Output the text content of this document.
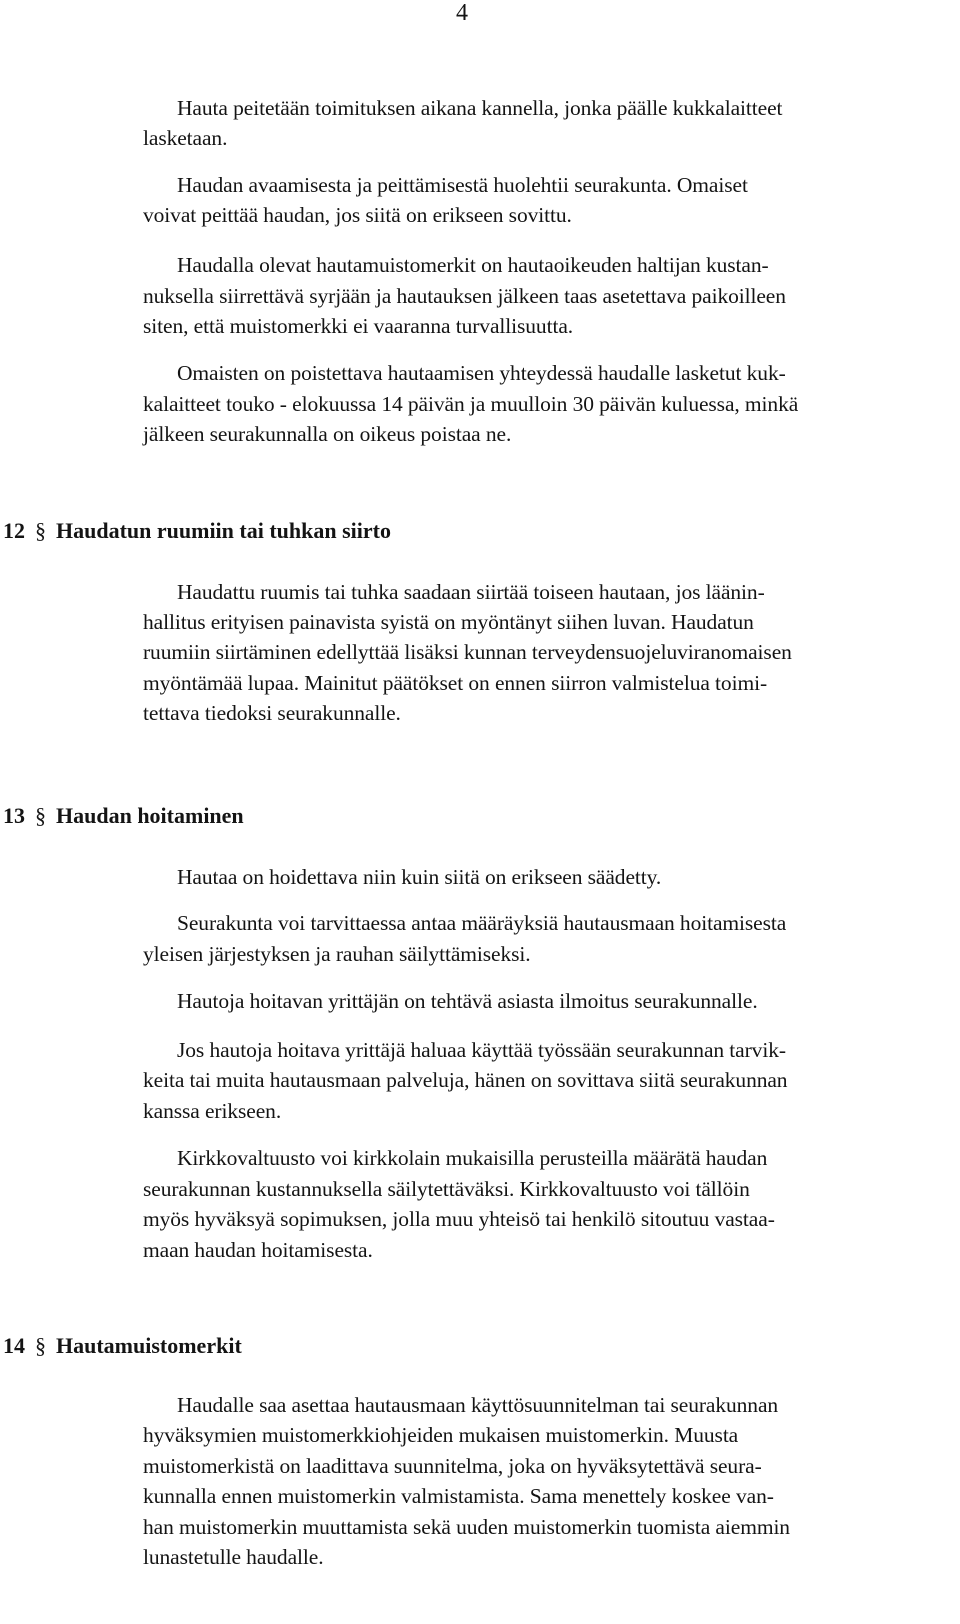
4
Hauta peitetään toimituksen aikana kannella, jonka päälle kukkalaitteet
lasketaan.
Haudan avaamisesta ja peittämisestä huolehtii seurakunta. Omaiset
voivat peittää haudan, jos siitä on erikseen sovittu.
Haudalla olevat hautamuistomerkit on hautaoikeuden haltijan kustan-
nuksella siirrettävä syrjään ja hautauksen jälkeen taas asetettava paikoilleen
siten, että muistomerkki ei vaaranna turvallisuutta.
Omaisten on poistettava hautaamisen yhteydessä haudalle lasketut kuk-
kalaitteet touko - elokuussa 14 päivän ja muulloin 30 päivän kuluessa, minkä
jälkeen seurakunnalla on oikeus poistaa ne.
12 § Haudatun ruumiin tai tuhkan siirto
Haudattu ruumis tai tuhka saadaan siirtää toiseen hautaan, jos läänin-
hallitus erityisen painavista syistä on myöntänyt siihen luvan. Haudatun
ruumiin siirtäminen edellyttää lisäksi kunnan terveydensuojeluviranomaisen
myöntämää lupaa. Mainitut päätökset on ennen siirron valmistelua toimi-
tettava tiedoksi seurakunnalle.
13 § Haudan hoitaminen
Hautaa on hoidettava niin kuin siitä on erikseen säädetty.
Seurakunta voi tarvittaessa antaa määräyksiä hautausmaan hoitamisesta
yleisen järjestyksen ja rauhan säilyttämiseksi.
Hautoja hoitavan yrittäjän on tehtävä asiasta ilmoitus seurakunnalle.
Jos hautoja hoitava yrittäjä haluaa käyttää työssään seurakunnan tarvik-
keita tai muita hautausmaan palveluja, hänen on sovittava siitä seurakunnan
kanssa erikseen.
Kirkkovaltuusto voi kirkkolain mukaisilla perusteilla määrätä haudan
seurakunnan kustannuksella säilytettäväksi. Kirkkovaltuusto voi tällöin
myös hyväksyä sopimuksen, jolla muu yhteisö tai henkilö sitoutuu vastaa-
maan haudan hoitamisesta.
14 § Hautamuistomerkit
Haudalle saa asettaa hautausmaan käyttösuunnitelman tai seurakunnan
hyväksymien muistomerkkiohjeiden mukaisen muistomerkin. Muusta
muistomerkistä on laadittava suunnitelma, joka on hyväksytettävä seura-
kunnalla ennen muistomerkin valmistamista. Sama menettely koskee van-
han muistomerkin muuttamista sekä uuden muistomerkin tuomista aiemmin
lunastetulle haudalle.
